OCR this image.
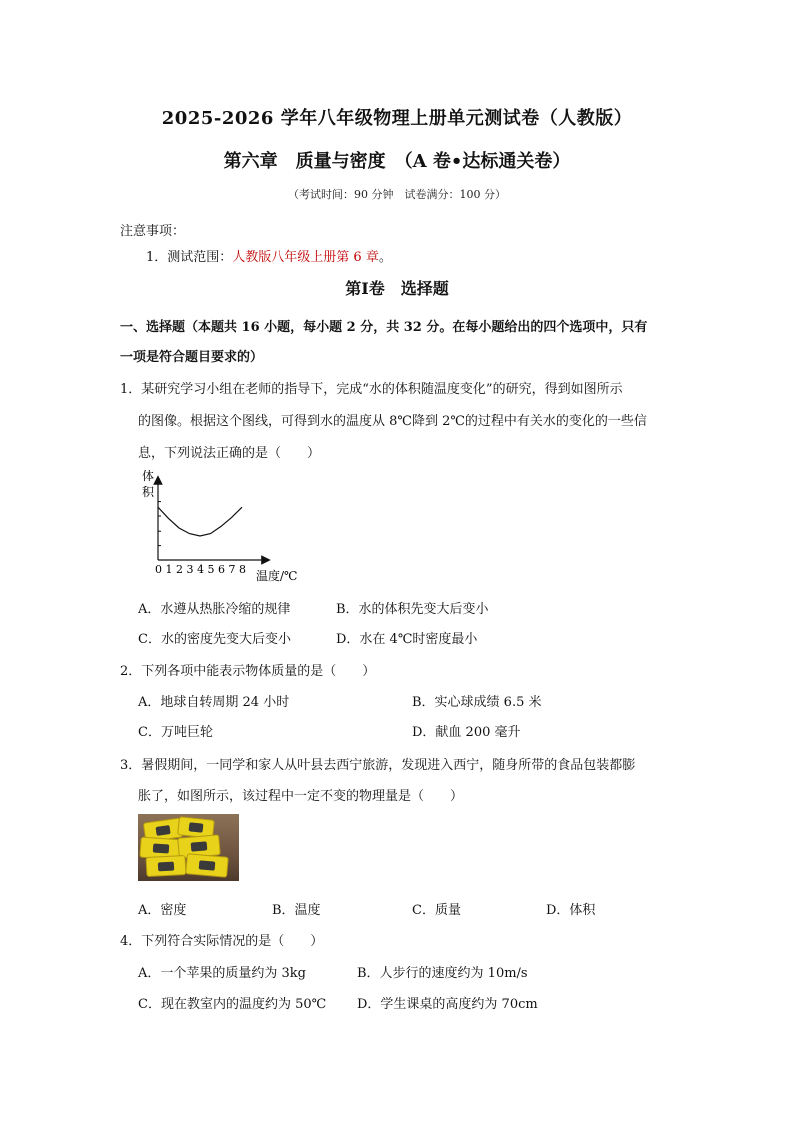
2025-2026 学年八年级物理上册单元测试卷（人教版）
第六章　质量与密度　（A 卷•达标通关卷）
（考试时间：90 分钟　试卷满分：100 分）
注意事项：
1．测试范围：人教版八年级上册第 6 章。
第Ⅰ卷　选择题
一、选择题（本题共 16 小题，每小题 2 分，共 32 分。在每小题给出的四个选项中，只有
一项是符合题目要求的）
1．某研究学习小组在老师的指导下，完成“水的体积随温度变化”的研究，得到如图所示
的图像。根据这个图线，可得到水的温度从 8℃降到 2℃的过程中有关水的变化的一些信
息，下列说法正确的是（　　）
体
积
0 1 2 3 4 5 6 7 8 温度/℃
A．水遵从热胀冷缩的规律	B．水的体积先变大后变小
C．水的密度先变大后变小	D．水在 4℃时密度最小
2．下列各项中能表示物体质量的是（　　）
A．地球自转周期 24 小时	B．实心球成绩 6.5 米
C．万吨巨轮	D．献血 200 毫升
3．暑假期间，一同学和家人从叶县去西宁旅游，发现进入西宁，随身所带的食品包装都膨
胀了，如图所示，该过程中一定不变的物理量是（　　）
A．密度	B．温度	C．质量	D．体积
4．下列符合实际情况的是（　　）
A．一个苹果的质量约为 3kg	B．人步行的速度约为 10m/s
C．现在教室内的温度约为 50℃ D．学生课桌的高度约为 70cm
